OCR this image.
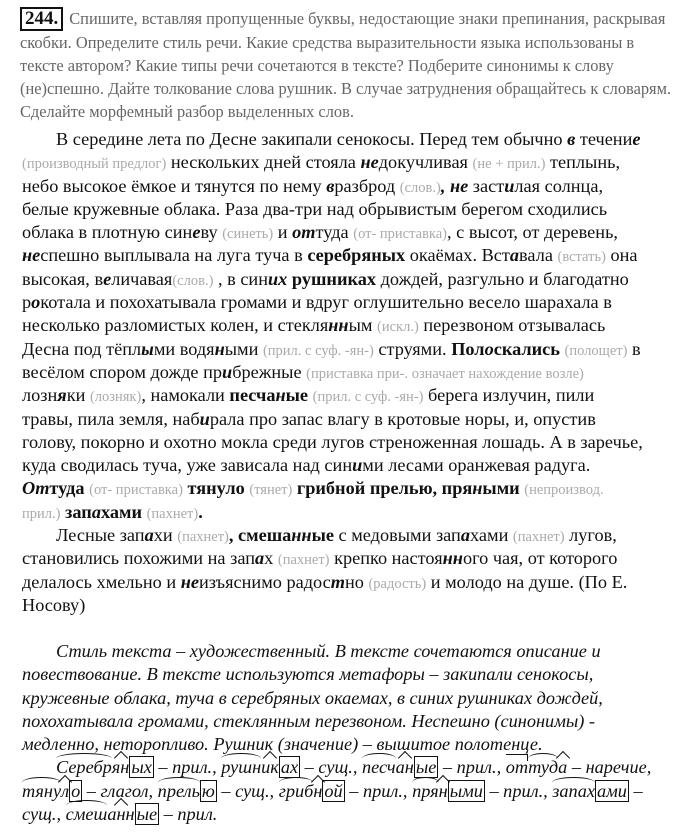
244. Спишите, вставляя пропущенные буквы, недостающие знаки препинания, раскрывая
скобки. Определите стиль речи. Какие средства выразительности языка использованы в
тексте автором? Какие типы речи сочетаются в тексте? Подберите синонимы к слову
(не)спешно. Дайте толкование слова рушник. В случае затруднения обращайтесь к словарям.
Сделайте морфемный разбор выделенных слов.
В середине лета по Десне закипали сенокосы. Перед тем обычно в течение
(производный предлог) нескольких дней стояла недокучливая (не + прил.) теплынь,
небо высокое ёмкое и тянутся по нему вразброд (слов.), не застилая солнца,
белые кружевные облака. Раза два-три над обрывистым берегом сходились
облака в плотную синеву (синеть) и оттуда (от- приставка), с высот, от деревень,
неспешно выплывала на луга туча в серебряных окаёмах. Вставала (встать) она
высокая, величавая(слов.) , в синих рушниках дождей, разгульно и благодатно
рокотала и похохатывала громами и вдруг оглушительно весело шарахала в
несколько разломистых колен, и стеклянным (искл.) перезвоном отзывалась
Десна под тёплыми водяными (прил. с суф. -ян-) струями. Полоскались (полощет) в
весёлом спором дожде прибрежные (приставка при-. означает нахождение возле)
лозняки (лозняк), намокали песчаные (прил. с суф. -ян-) берега излучин, пили
травы, пила земля, набирала про запас влагу в кротовые норы, и, опустив
голову, покорно и охотно мокла среди лугов стреноженная лошадь. А в заречье,
куда сводилась туча, уже зависала над синими лесами оранжевая радуга.
Оттуда (от- приставка) тянуло (тянет) грибной прелью, пряными (непроизвод.
прил.) запахами (пахнет).
Лесные запахи (пахнет), смешанные с медовыми запахами (пахнет) лугов,
становились похожими на запах (пахнет) крепко настоянного чая, от которого
делалось хмельно и неизъяснимо радостно (радость) и молодо на душе. (По Е.
Носову)
Стиль текста – художественный. В тексте сочетаются описание и
повествование. В тексте используются метафоры – закипали сенокосы,
кружевные облака, туча в серебряных окаемах, в синих рушниках дождей,
похохатывала громами, стеклянным перезвоном. Неспешно (синонимы) -
медленно, неторопливо. Рушник (значение) – вышитое полотенце.
Серебрян ых – прил., рушник ах – сущ., песчан ые – прил., оттуда – наречие,
тянул о – глагол, прель ю – сущ., грибн ой – прил., прян ыми – прил., запах ами –
сущ., смешанн ые – прил.
